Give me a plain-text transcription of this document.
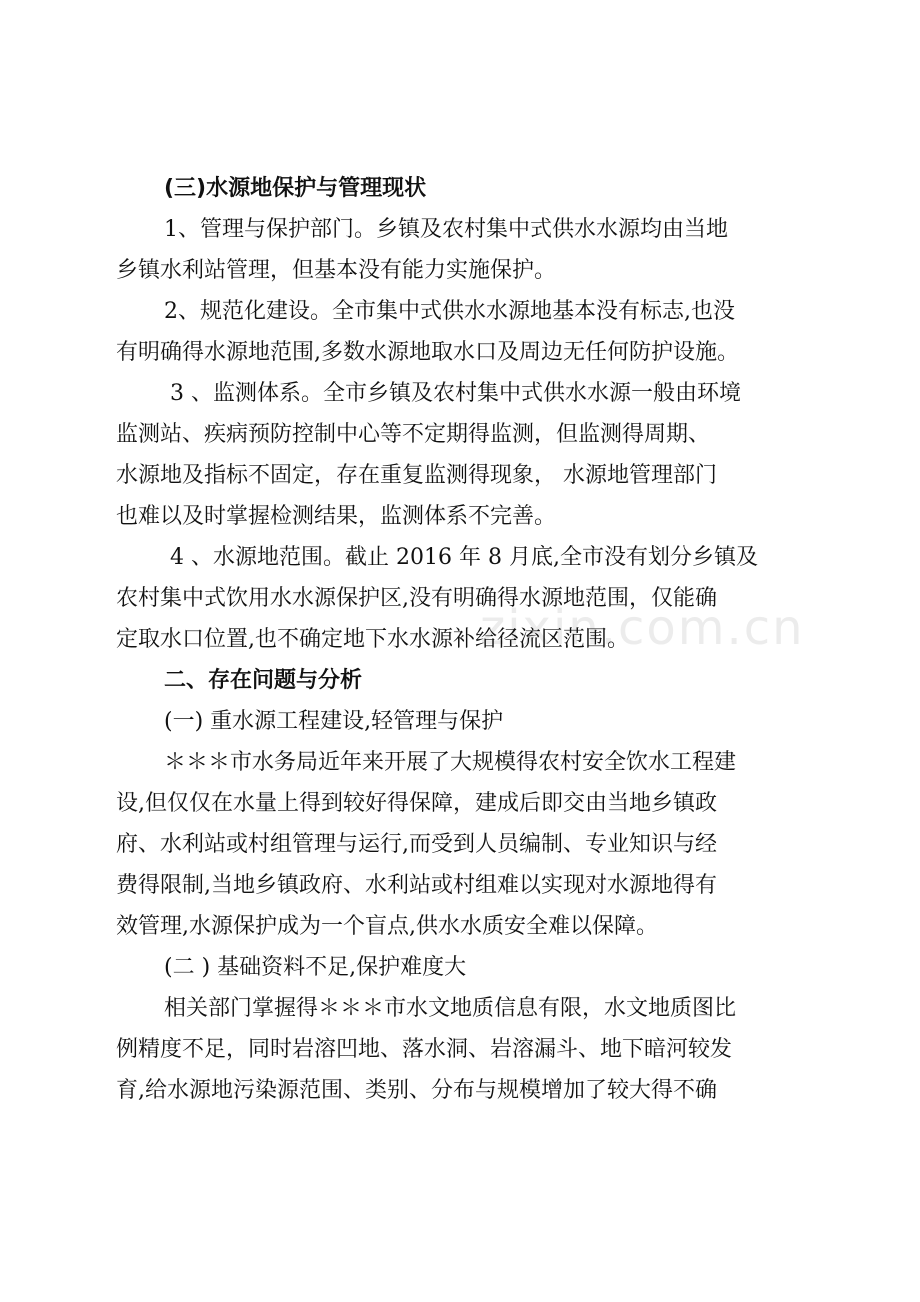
zixin.com.cn
(三)水源地保护与管理现状
1、管理与保护部门。乡镇及农村集中式供水水源均由当地
乡镇水利站管理，但基本没有能力实施保护。
2、规范化建设。全市集中式供水水源地基本没有标志,也没
有明确得水源地范围,多数水源地取水口及周边无任何防护设施。
3 、监测体系。全市乡镇及农村集中式供水水源一般由环境
监测站、疾病预防控制中心等不定期得监测，但监测得周期、
水源地及指标不固定，存在重复监测得现象， 水源地管理部门
也难以及时掌握检测结果，监测体系不完善。
4 、水源地范围。截止 2016 年 8 月底,全市没有划分乡镇及
农村集中式饮用水水源保护区,没有明确得水源地范围，仅能确
定取水口位置,也不确定地下水水源补给径流区范围。
二、存在问题与分析
(一) 重水源工程建设,轻管理与保护
＊＊＊市水务局近年来开展了大规模得农村安全饮水工程建
设,但仅仅在水量上得到较好得保障，建成后即交由当地乡镇政
府、水利站或村组管理与运行,而受到人员编制、专业知识与经
费得限制,当地乡镇政府、水利站或村组难以实现对水源地得有
效管理,水源保护成为一个盲点,供水水质安全难以保障。
(二 ) 基础资料不足,保护难度大
相关部门掌握得＊＊＊市水文地质信息有限，水文地质图比
例精度不足，同时岩溶凹地、落水洞、岩溶漏斗、地下暗河较发
育,给水源地污染源范围、类别、分布与规模增加了较大得不确
